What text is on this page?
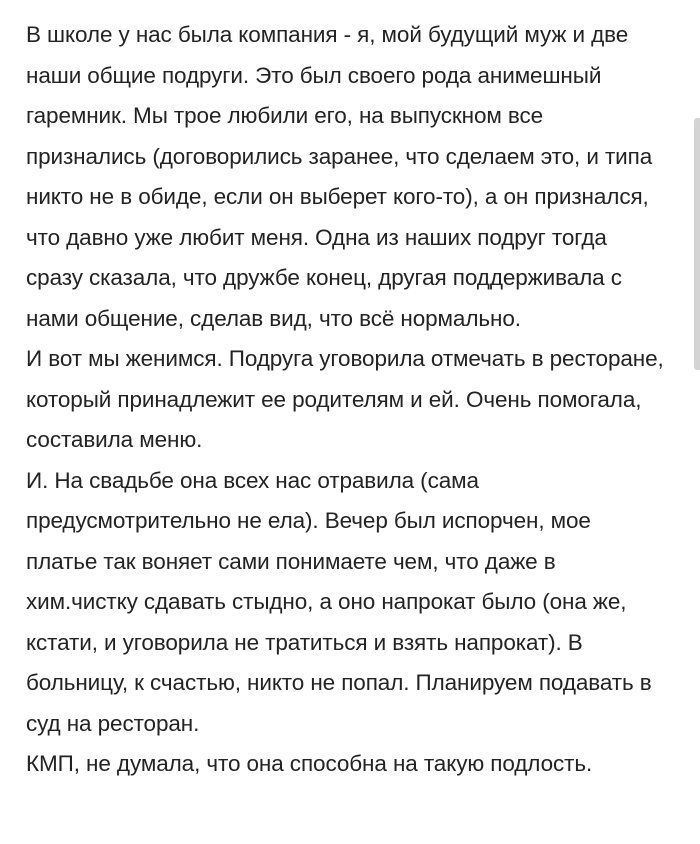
В школе у нас была компания - я, мой будущий муж и две наши общие подруги. Это был своего рода анимешный гаремник. Мы трое любили его, на выпускном все признались (договорились заранее, что сделаем это, и типа никто не в обиде, если он выберет кого-то), а он признался, что давно уже любит меня. Одна из наших подруг тогда сразу сказала, что дружбе конец, другая поддерживала с нами общение, сделав вид, что всё нормально.

И вот мы женимся. Подруга уговорила отмечать в ресторане, который принадлежит ее родителям и ей. Очень помогала, составила меню.

И. На свадьбе она всех нас отравила (сама предусмотрительно не ела). Вечер был испорчен, мое платье так воняет сами понимаете чем, что даже в хим.чистку сдавать стыдно, а оно напрокат было (она же, кстати, и уговорила не тратиться и взять напрокат). В больницу, к счастью, никто не попал. Планируем подавать в суд на ресторан.

КМП, не думала, что она способна на такую подлость.
